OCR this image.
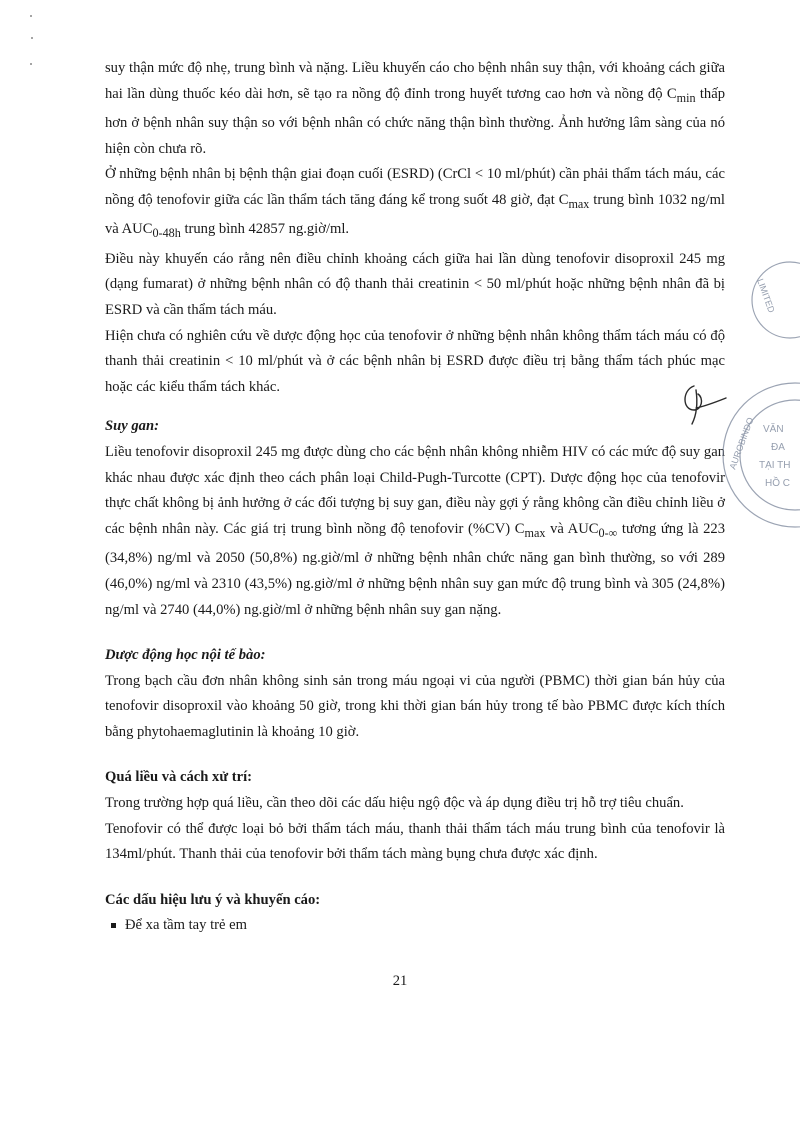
suy thận mức độ nhẹ, trung bình và nặng. Liều khuyến cáo cho bệnh nhân suy thận, với khoảng cách giữa hai lần dùng thuốc kéo dài hơn, sẽ tạo ra nồng độ đỉnh trong huyết tương cao hơn và nồng độ $C_{min}$ thấp hơn ở bệnh nhân suy thận so với bệnh nhân có chức năng thận bình thường. Ảnh hưởng lâm sàng của nó hiện còn chưa rõ.

Ở những bệnh nhân bị bệnh thận giai đoạn cuối (ESRD) (CrCl < 10 ml/phút) cần phải thẩm tách máu, các nồng độ tenofovir giữa các lần thẩm tách tăng đáng kể trong suốt 48 giờ, đạt $C_{max}$ trung bình 1032 ng/ml và $AUC_{0-48h}$ trung bình 42857 ng.giờ/ml.

Điều này khuyến cáo rằng nên điều chỉnh khoảng cách giữa hai lần dùng tenofovir disoproxil 245 mg (dạng fumarat) ở những bệnh nhân có độ thanh thải creatinin < 50 ml/phút hoặc những bệnh nhân đã bị ESRD và cần thẩm tách máu.

Hiện chưa có nghiên cứu về dược động học của tenofovir ở những bệnh nhân không thẩm tách máu có độ thanh thải creatinin < 10 ml/phút và ở các bệnh nhân bị ESRD được điều trị bằng thẩm tách phúc mạc hoặc các kiểu thẩm tách khác.

Suy gan:

Liều tenofovir disoproxil 245 mg được dùng cho các bệnh nhân không nhiễm HIV có các mức độ suy gan khác nhau được xác định theo cách phân loại Child-Pugh-Turcotte (CPT). Dược động học của tenofovir thực chất không bị ảnh hưởng ở các đối tượng bị suy gan, điều này gợi ý rằng không cần điều chỉnh liều ở các bệnh nhân này. Các giá trị trung bình nồng độ tenofovir (%CV) $C_{max}$ và $AUC_{0-\infty}$ tương ứng là 223 (34,8%) ng/ml và 2050 (50,8%) ng.giờ/ml ở những bệnh nhân chức năng gan bình thường, so với 289 (46,0%) ng/ml và 2310 (43,5%) ng.giờ/ml ở những bệnh nhân suy gan mức độ trung bình và 305 (24,8%) ng/ml và 2740 (44,0%) ng.giờ/ml ở những bệnh nhân suy gan nặng.

Dược động học nội tế bào:

Trong bạch cầu đơn nhân không sinh sản trong máu ngoại vi của người (PBMC) thời gian bán hủy của tenofovir disoproxil vào khoảng 50 giờ, trong khi thời gian bán hủy trong tế bào PBMC được kích thích bằng phytohaemaglutinin là khoảng 10 giờ.

Quá liều và cách xử trí:

Trong trường hợp quá liều, cần theo dõi các dấu hiệu ngộ độc và áp dụng điều trị hỗ trợ tiêu chuẩn.

Tenofovir có thể được loại bỏ bởi thẩm tách máu, thanh thải thẩm tách máu trung bình của tenofovir là 134ml/phút. Thanh thải của tenofovir bởi thẩm tách màng bụng chưa được xác định.

Các dấu hiệu lưu ý và khuyến cáo:

Để xa tầm tay trẻ em
21
LIMITED
AUROBINDO VĂN
ĐA
TẠI TH
HỒ C
